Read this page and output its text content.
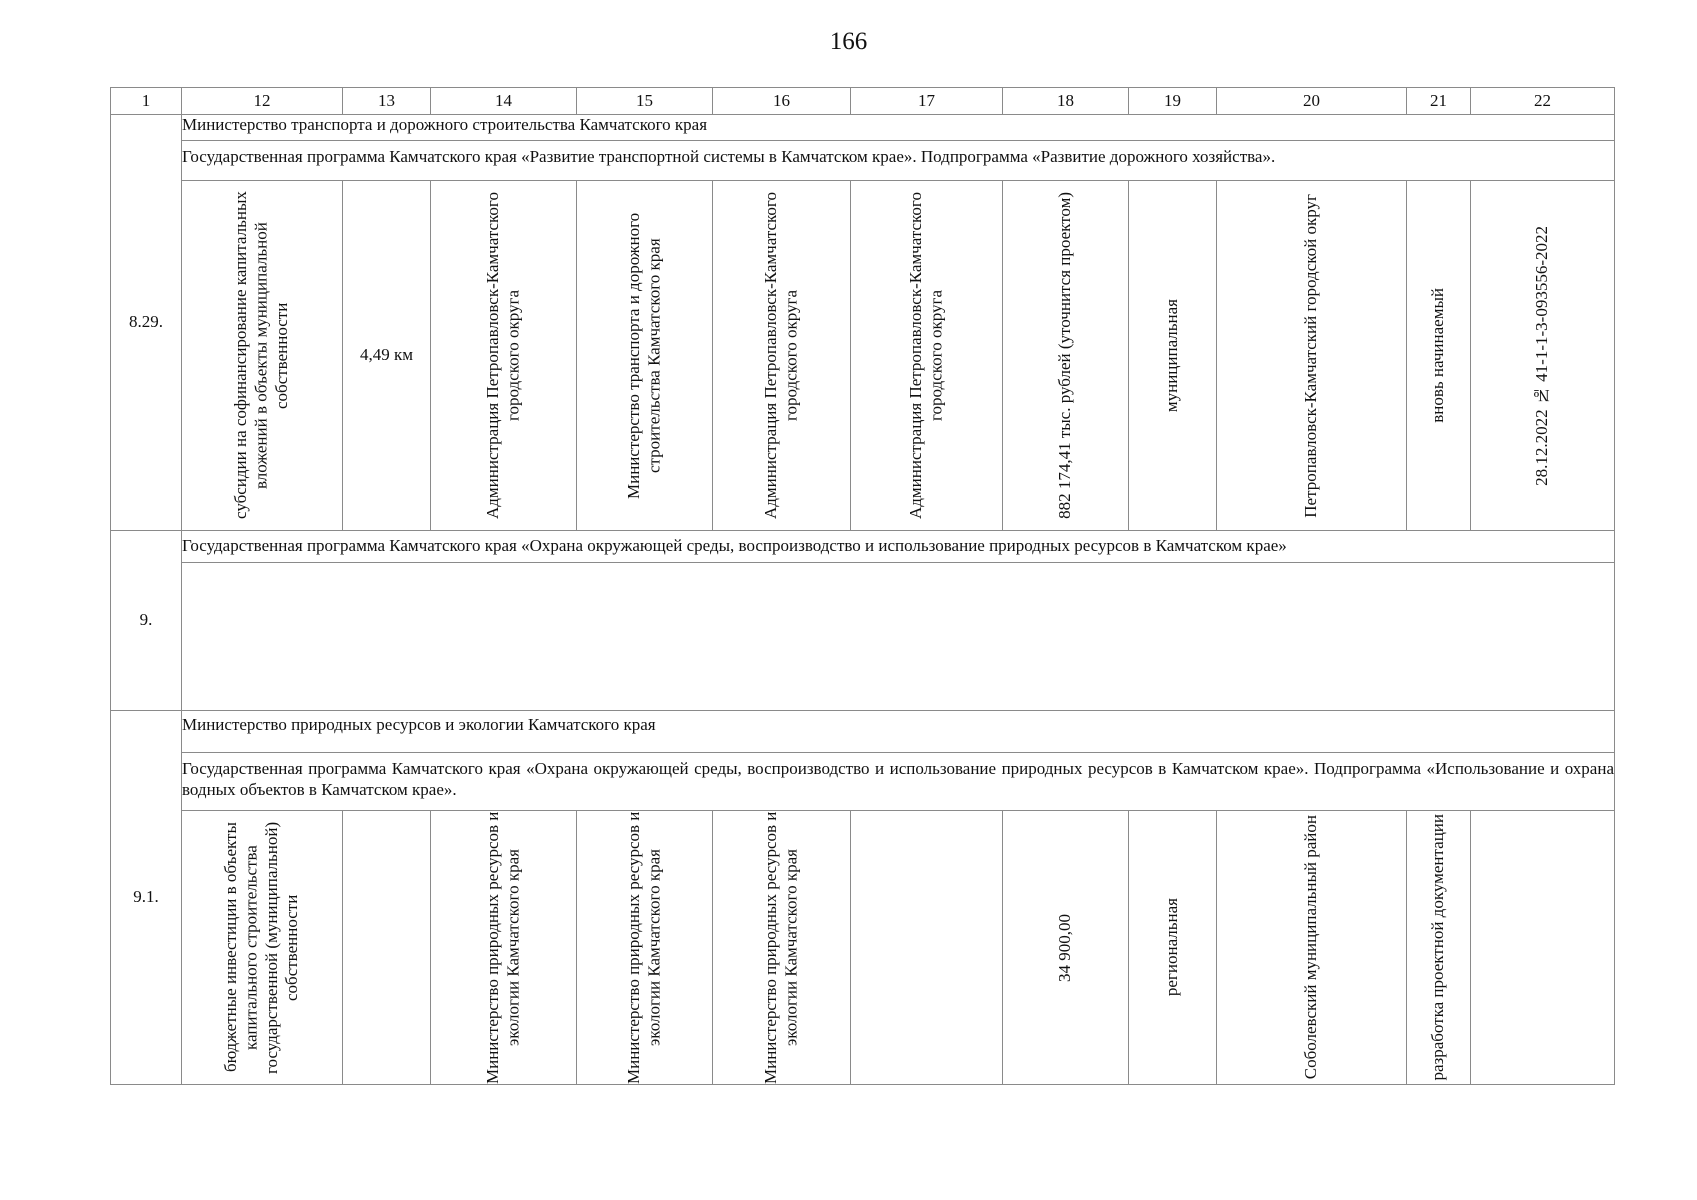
166
1	12	13	14	15	16	17	18	19	20	21	22
8.29.	Министерство транспорта и дорожного строительства Камчатского края										
	Государственная программа Камчатского края «Развитие транспортной системы в Камчатском крае». Подпрограмма «Развитие дорожного хозяйства».										

	субсидии на софинансирование капитальных вложений в объекты муниципальной собственности	4,49 км	Администрация Петропавловск-Камчатского городского округа	Министерство транспорта и дорожного строительства Камчатского края	Администрация Петропавловск-Камчатского городского округа	Администрация Петропавловск-Камчатского городского округа	882 174,41 тыс. рублей (уточнится проектом)	муниципальная	Петропавловск-Камчатский городской округ	вновь начинаемый	28.12.2022 № 41-1-1-3-093556-2022

9.	Государственная программа Камчатского края «Охрана окружающей среды, воспроизводство и использование природных ресурсов в Камчатском крае»										

9.1.	Министерство природных ресурсов и экологии Камчатского края										
	Государственная программа Камчатского края «Охрана окружающей среды, воспроизводство и использование природных ресурсов в Камчатском крае». Подпрограмма «Использование и охрана водных объектов в Камчатском крае».										

	бюджетные инвестиции в объекты капитального строительства государственной (муниципальной) собственности		Министерство природных ресурсов и экологии Камчатского края	Министерство природных ресурсов и экологии Камчатского края	Министерство природных ресурсов и экологии Камчатского края		34 900,00	региональная	Соболевский муниципальный район	разработка проектной документации	
